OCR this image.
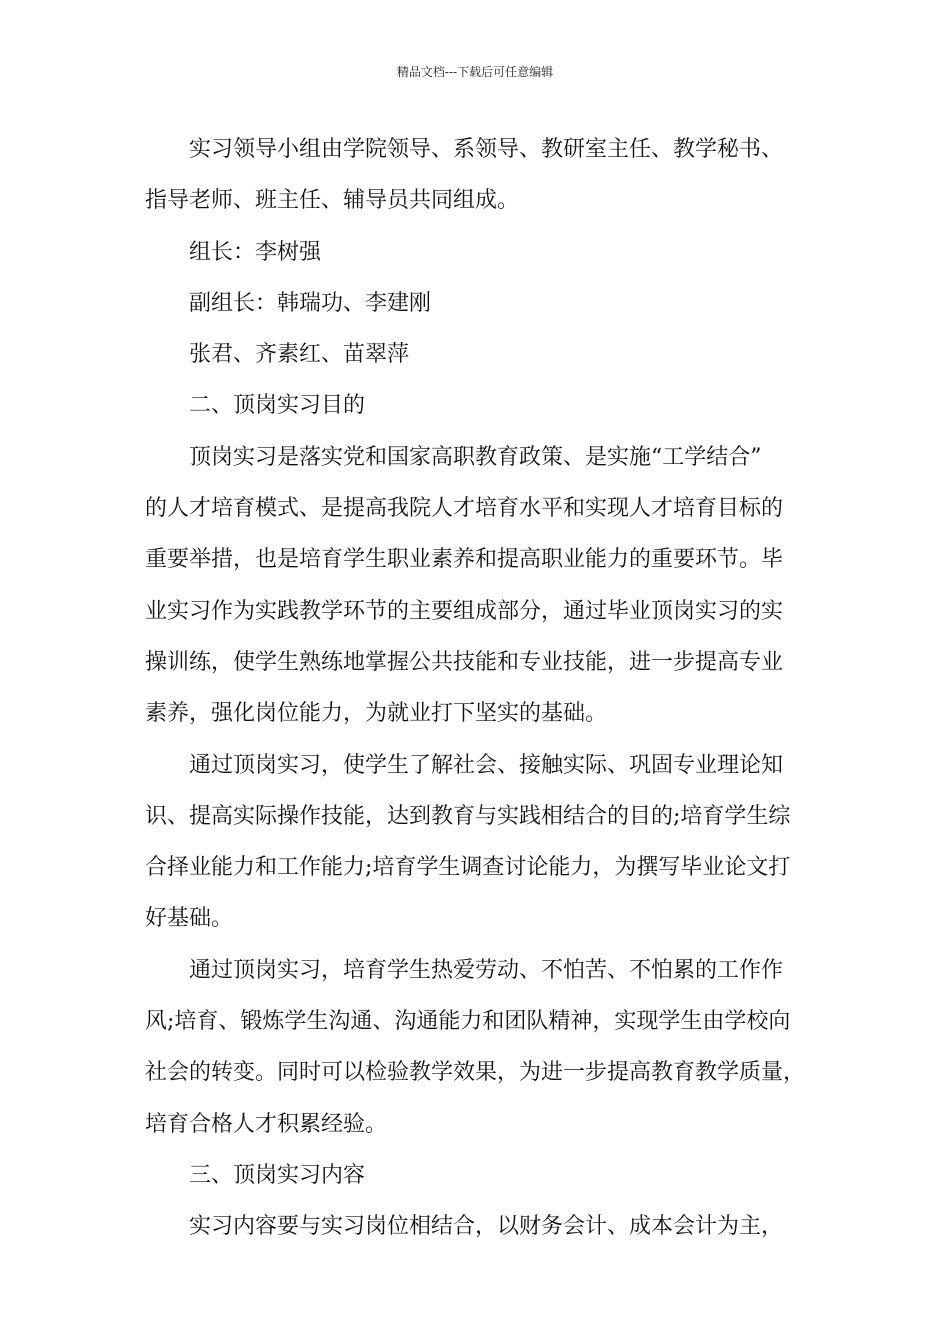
精品文档---下载后可任意编辑
实习领导小组由学院领导、系领导、教研室主任、教学秘书、
指导老师、班主任、辅导员共同组成。
组长：李树强
副组长：韩瑞功、李建刚
张君、齐素红、苗翠萍
二、顶岗实习目的
顶岗实习是落实党和国家高职教育政策、是实施“工学结合”
的人才培育模式、是提高我院人才培育水平和实现人才培育目标的
重要举措，也是培育学生职业素养和提高职业能力的重要环节。毕
业实习作为实践教学环节的主要组成部分，通过毕业顶岗实习的实
操训练，使学生熟练地掌握公共技能和专业技能，进一步提高专业
素养，强化岗位能力，为就业打下坚实的基础。
通过顶岗实习，使学生了解社会、接触实际、巩固专业理论知
识、提高实际操作技能，达到教育与实践相结合的目的;培育学生综
合择业能力和工作能力;培育学生调查讨论能力，为撰写毕业论文打
好基础。
通过顶岗实习，培育学生热爱劳动、不怕苦、不怕累的工作作
风;培育、锻炼学生沟通、沟通能力和团队精神，实现学生由学校向
社会的转变。同时可以检验教学效果，为进一步提高教育教学质量，
培育合格人才积累经验。
三、顶岗实习内容
实习内容要与实习岗位相结合，以财务会计、成本会计为主，
